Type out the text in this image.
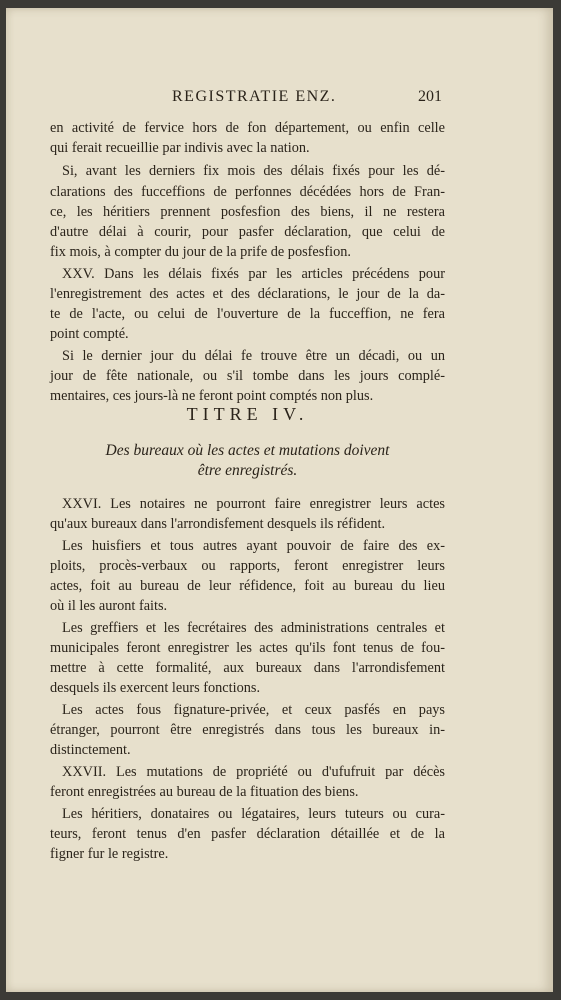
REGISTRATIE ENZ.	201

en activité de fervice hors de fon département, ou enfin celle

qui ferait recueillie par indivis avec la nation.

Si, avant les derniers fix mois des délais fixés pour les dé-

clarations des fucceffions de perfonnes décédées hors de Fran-

ce, les héritiers prennent posfesfion des biens, il ne restera

d'autre délai à courir, pour pasfer déclaration, que celui de

fix mois, à compter du jour de la prife de posfesfion.

XXV. Dans les délais fixés par les articles précédens pour

l'enregistrement des actes et des déclarations, le jour de la da-

te de l'acte, ou celui de l'ouverture de la fucceffion, ne fera

point compté.

Si le dernier jour du délai fe trouve être un décadi, ou un

jour de fête nationale, ou s'il tombe dans les jours complé-

mentaires, ces jours-là ne feront point comptés non plus.

TITRE IV.

Des bureaux où les actes et mutations doivent

être enregistrés.

XXVI. Les notaires ne pourront faire enregistrer leurs actes

qu'aux bureaux dans l'arrondisfement desquels ils réfident.

Les huisfiers et tous autres ayant pouvoir de faire des ex-

ploits, procès-verbaux ou rapports, feront enregistrer leurs

actes, foit au bureau de leur réfidence, foit au bureau du lieu

où il les auront faits.

Les greffiers et les fecrétaires des administrations centrales et

municipales feront enregistrer les actes qu'ils font tenus de fou-

mettre à cette formalité, aux bureaux dans l'arrondisfement

desquels ils exercent leurs fonctions.

Les actes fous fignature-privée, et ceux pasfés en pays

étranger, pourront être enregistrés dans tous les bureaux in-

distinctement.

XXVII. Les mutations de propriété ou d'ufufruit par décès

feront enregistrées au bureau de la fituation des biens.

Les héritiers, donataires ou légataires, leurs tuteurs ou cura-

teurs, feront tenus d'en pasfer déclaration détaillée et de la

figner fur le registre.
